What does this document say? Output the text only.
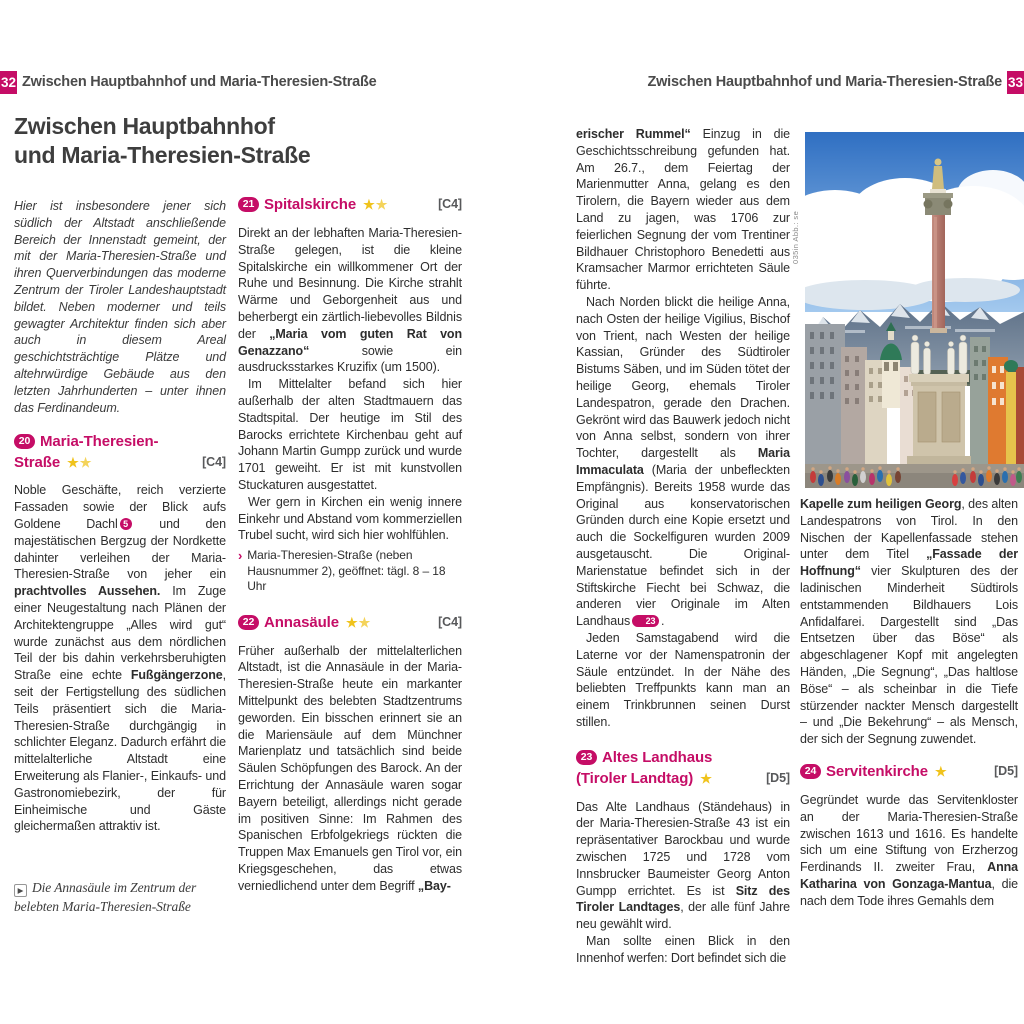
32 Zwischen Hauptbahnhof und Maria-Theresien-Straße
Zwischen Hauptbahnhof
und Maria-Theresien-Straße

Hier ist insbesondere jener sich südlich der Altstadt anschließende Bereich der Innenstadt gemeint, der mit der Maria-Theresien-Straße und ihren Querverbindungen das moderne Zentrum der Tiroler Landeshauptstadt bildet. Neben moderner und teils gewagter Architektur finden sich aber auch in diesem Areal geschichtsträchtige Plätze und altehrwürdige Gebäude aus den letzten Jahrhunderten – unter ihnen das Ferdinandeum.

20 Maria-Theresien-
Straße ★★	[C4]

Noble Geschäfte, reich verzierte Fassaden sowie der Blick aufs Goldene Dachl 5 und den majestätischen Bergzug der Nordkette dahinter verleihen der Maria-Theresien-Straße von jeher ein prachtvolles Aussehen. Im Zuge einer Neugestaltung nach Plänen der Architektengruppe „Alles wird gut“ wurde zunächst aus dem nördlichen Teil der bis dahin verkehrsberuhigten Straße eine echte Fußgängerzone, seit der Fertigstellung des südlichen Teils präsentiert sich die Maria-Theresien-Straße durchgängig in schlichter Eleganz. Dadurch erfährt die mittelalterliche Altstadt eine Erweiterung als Flanier-, Einkaufs- und Gastronomiebezirk, der für Einheimische und Gäste gleichermaßen attraktiv ist.

▶ Die Annasäule im Zentrum der belebten Maria-Theresien-Straße
21 Spitalskirche ★★	[C4]

Direkt an der lebhaften Maria-Theresien-Straße gelegen, ist die kleine Spitalskirche ein willkommener Ort der Ruhe und Besinnung. Die Kirche strahlt Wärme und Geborgenheit aus und beherbergt ein zärtlich-liebevolles Bildnis der „Maria vom guten Rat von Genazzano“ sowie ein ausdrucksstarkes Kruzifix (um 1500).

Im Mittelalter befand sich hier außerhalb der alten Stadtmauern das Stadtspital. Der heutige im Stil des Barocks errichtete Kirchenbau geht auf Johann Martin Gumpp zurück und wurde 1701 geweiht. Er ist mit kunstvollen Stuckaturen ausgestattet.

Wer gern in Kirchen ein wenig innere Einkehr und Abstand vom kommerziellen Trubel sucht, wird sich hier wohlfühlen.

› Maria-Theresien-Straße (neben Hausnummer 2), geöffnet: tägl. 8 – 18 Uhr
22 Annasäule ★★	[C4]

Früher außerhalb der mittelalterlichen Altstadt, ist die Annasäule in der Maria-Theresien-Straße heute ein markanter Mittelpunkt des belebten Stadtzentrums geworden. Ein bisschen erinnert sie an die Mariensäule auf dem Münchner Marienplatz und tatsächlich sind beide Säulen Schöpfungen des Barock. An der Errichtung der Annasäule waren sogar Bayern beteiligt, allerdings nicht gerade im positiven Sinne: Im Rahmen des Spanischen Erbfolgekriegs rückten die Truppen Max Emanuels gen Tirol vor, ein Kriegsgeschehen, das etwas verniedlichend unter dem Begriff „Bay-

Zwischen Hauptbahnhof und Maria-Theresien-Straße 33

erischer Rummel“ Einzug in die Geschichtsschreibung gefunden hat. Am 26.7., dem Feiertag der Marienmutter Anna, gelang es den Tirolern, die Bayern wieder aus dem Land zu jagen, was 1706 zur feierlichen Segnung der vom Trentiner Bildhauer Christophoro Benedetti aus Kramsacher Marmor errichteten Säule führte.

Nach Norden blickt die heilige Anna, nach Osten der heilige Vigilius, Bischof von Trient, nach Westen der heilige Kassian, Gründer des Südtiroler Bistums Säben, und im Süden tötet der heilige Georg, ehemals Tiroler Landespatron, gerade den Drachen. Gekrönt wird das Bauwerk jedoch nicht von Anna selbst, sondern von ihrer Tochter, dargestellt als Maria Immaculata (Maria der unbefleckten Empfängnis). Bereits 1958 wurde das Original aus konservatorischen Gründen durch eine Kopie ersetzt und auch die Sockelfiguren wurden 2009 ausgetauscht. Die Original-Marienstatue befindet sich in der Stiftskirche Fiecht bei Schwaz, die anderen vier Originale im Alten Landhaus 23 .

Jeden Samstagabend wird die Laterne vor der Namenspatronin der Säule entzündet. In der Nähe des beliebten Treffpunkts kann man an einem Trinkbrunnen seinen Durst stillen.

23 Altes Landhaus
(Tiroler Landtag) ★	[D5]

Das Alte Landhaus (Ständehaus) in der Maria-Theresien-Straße 43 ist ein repräsentativer Barockbau und wurde zwischen 1725 und 1728 vom Innsbrucker Baumeister Georg Anton Gumpp errichtet. Es ist Sitz des Tiroler Landtages, der alle fünf Jahre neu gewählt wird.

Man sollte einen Blick in den Innenhof werfen: Dort befindet sich die

035in Abb.: se

Kapelle zum heiligen Georg, des alten Landespatrons von Tirol. In den Nischen der Kapellenfassade stehen unter dem Titel „Fassade der Hoffnung“ vier Skulpturen des der ladinischen Minderheit Südtirols entstammenden Bildhauers Lois Anfidalfarei. Dargestellt sind „Das Entsetzen über das Böse“ als abgeschlagener Kopf mit angelegten Händen, „Die Segnung“, „Das haltlose Böse“ – als scheinbar in die Tiefe stürzender nackter Mensch dargestellt – und „Die Bekehrung“ – als Mensch, der sich der Segnung zuwendet.

24 Servitenkirche ★	[D5]

Gegründet wurde das Servitenkloster an der Maria-Theresien-Straße zwischen 1613 und 1616. Es handelte sich um eine Stiftung von Erzherzog Ferdinands II. zweiter Frau, Anna Katharina von Gonzaga-Mantua, die nach dem Tode ihres Gemahls dem
